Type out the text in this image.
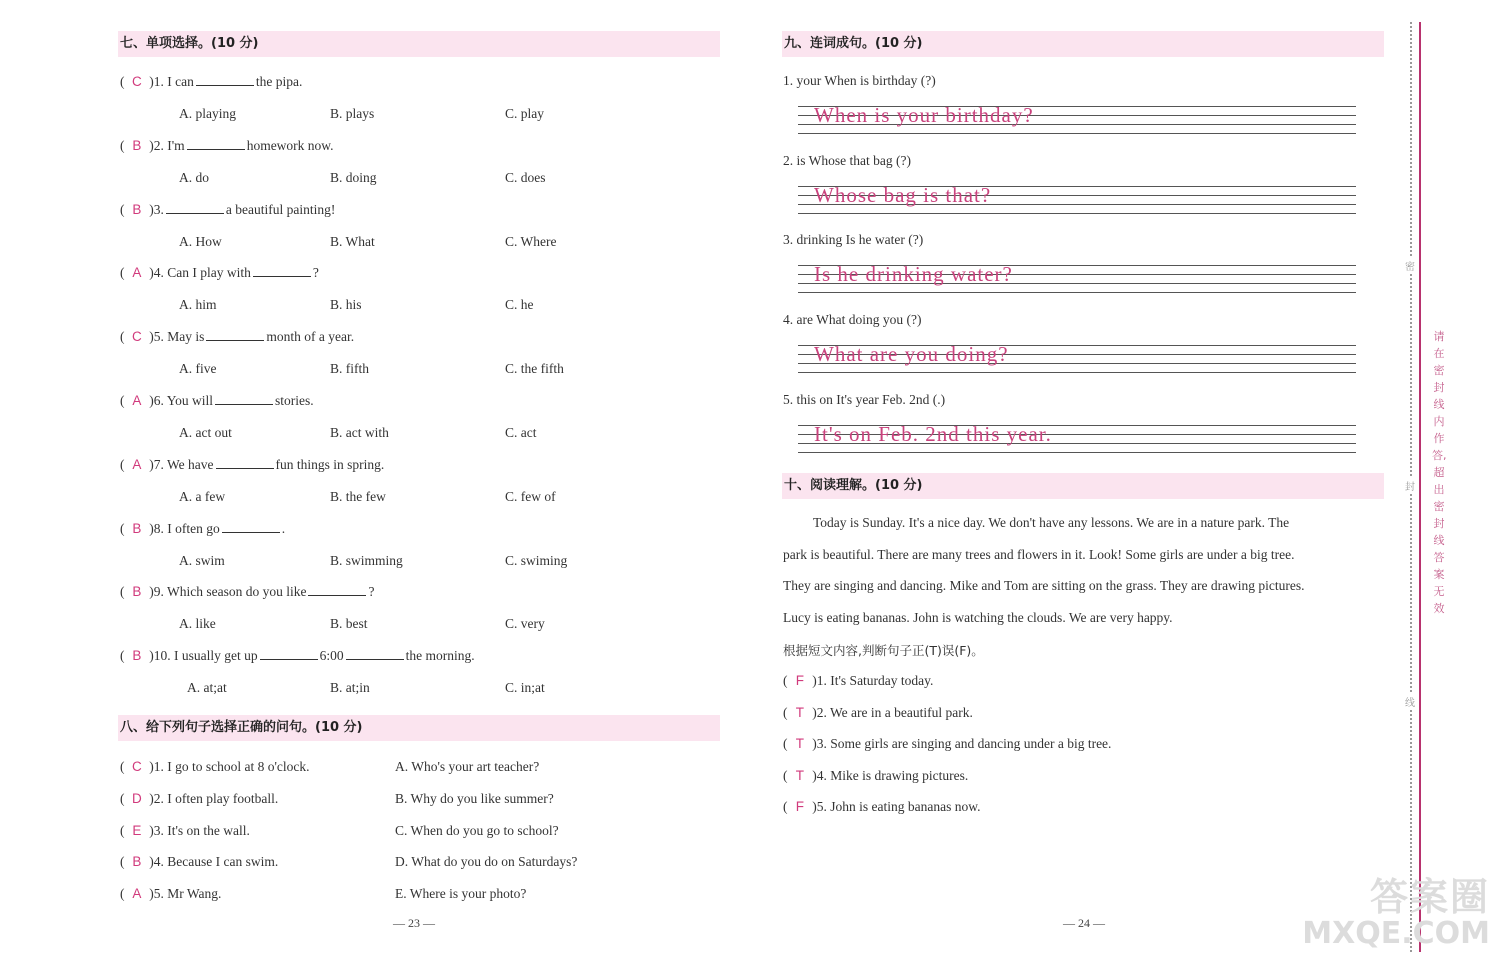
七、单项选择。(10 分)
( C )1. I can	the pipa.
A. playing	B. plays	C. play
( B )2. I'm	homework now.
A. do	B. doing	C. does
( B )3.	a beautiful painting!
A. How	B. What	C. Where
( A )4. Can I play with	?
A. him	B. his	C. he
( C )5. May is	month of a year.
A. five	B. fifth	C. the fifth
( A )6. You will	stories.
A. act out	B. act with	C. act
( A )7. We have	fun things in spring.
A. a few	B. the few	C. few of
( B )8. I often go	.
A. swim	B. swimming	C. swiming
( B )9. Which season do you like	?
A. like	B. best	C. very
( B )10. I usually get up	6:00	the morning.
A. at;at	B. at;in	C. in;at
八、给下列句子选择正确的问句。(10 分)
( C )1. I go to school at 8 o'clock.	A. Who's your art teacher?
( D )2. I often play football.	B. Why do you like summer?
( E )3. It's on the wall.	C. When do you go to school?
( B )4. Because I can swim.	D. What do you do on Saturdays?
( A )5. Mr Wang.	E. Where is your photo?
— 23 —
九、连词成句。(10 分)
1. your When is birthday (?)
When is your birthday?
2. is Whose that bag (?)
Whose bag is that?
3. drinking Is he water (?)
Is he drinking water?
4. are What doing you (?)
What are you doing?
5. this on It's year Feb. 2nd (.)
It's on Feb. 2nd this year.
十、阅读理解。(10 分)
Today is Sunday. It's a nice day. We don't have any lessons. We are in a nature park. The
park is beautiful. There are many trees and flowers in it. Look! Some girls are under a big tree.
They are singing and dancing. Mike and Tom are sitting on the grass. They are drawing pictures.
Lucy is eating bananas. John is watching the clouds. We are very happy.
根据短文内容,判断句子正(T)误(F)。
( F )1. It's Saturday today.
( T )2. We are in a beautiful park.
( T )3. Some girls are singing and dancing under a big tree.
( T )4. Mike is drawing pictures.
( F )5. John is eating bananas now.
— 24 —
密
封
线
请在密封线内作答,超出密封线答案无效
答案圈
MXQE.COM
